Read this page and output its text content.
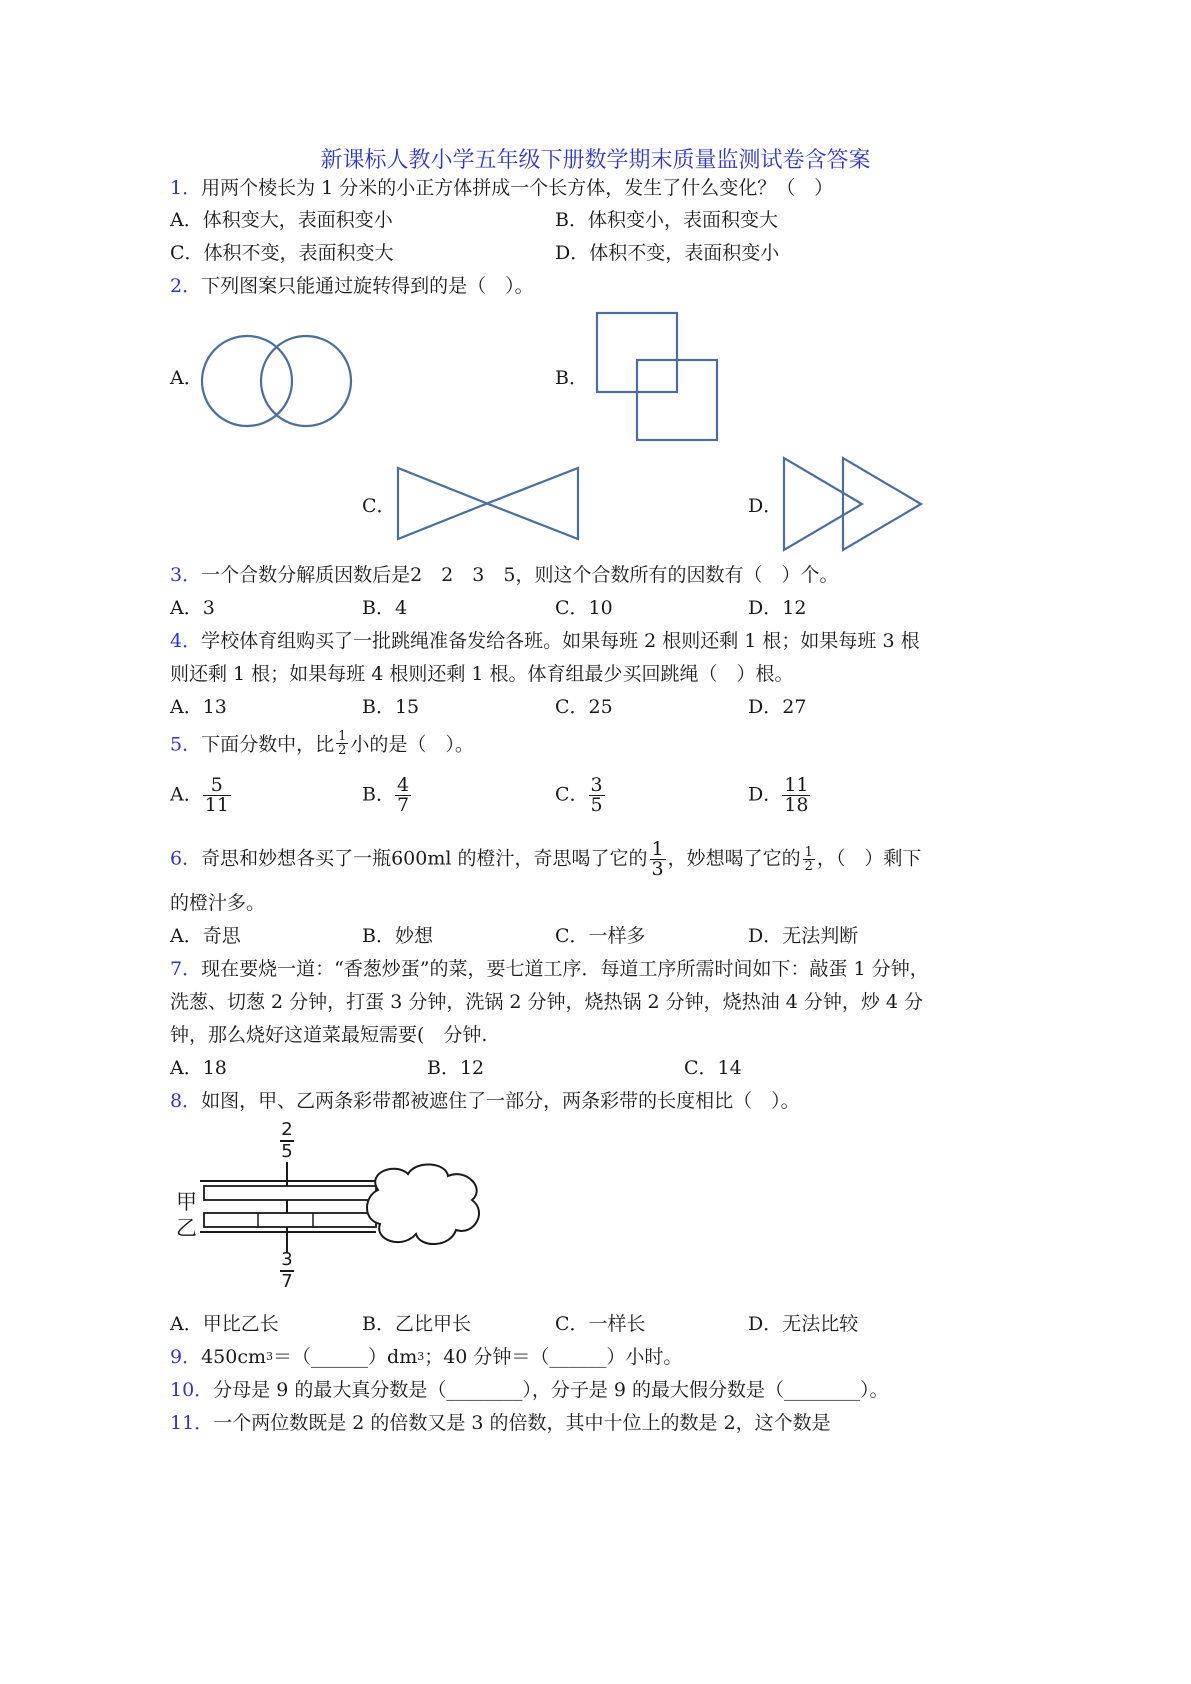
新课标人教小学五年级下册数学期末质量监测试卷含答案
1．用两个棱长为 1 分米的小正方体拼成一个长方体，发生了什么变化？（　）
A．体积变大，表面积变小	B．体积变小，表面积变大
C．体积不变，表面积变大	D．体积不变，表面积变小
2．下列图案只能通过旋转得到的是（　）。
A．	B．
C．	D．
3．一个合数分解质因数后是2　2　3　5，则这个合数所有的因数有（　）个。
A．3	B．4	C．10	D．12
4．学校体育组购买了一批跳绳准备发给各班。如果每班 2 根则还剩 1 根；如果每班 3 根
则还剩 1 根；如果每班 4 根则还剩 1 根。体育组最少买回跳绳（　）根。
A．13	B．15	C．25	D．27
5．下面分数中，比 $\frac{1}{2}$ 小的是（　）。
A． $\frac{5}{11}$	B． $\frac{4}{7}$	C． $\frac{3}{5}$	D． $\frac{11}{18}$
6．奇思和妙想各买了一瓶600ml 的橙汁，奇思喝了它的 $\frac{1}{3}$ ，妙想喝了它的 $\frac{1}{2}$ ，（　）剩下
的橙汁多。
A．奇思	B．妙想	C．一样多	D．无法判断
7．现在要烧一道：“香葱炒蛋”的菜，要七道工序．每道工序所需时间如下：敲蛋 1 分钟，
洗葱、切葱 2 分钟，打蛋 3 分钟，洗锅 2 分钟，烧热锅 2 分钟，烧热油 4 分钟，炒 4 分
钟，那么烧好这道菜最短需要(　分钟.
A．18	B．12	C．14
8．如图，甲、乙两条彩带都被遮住了一部分，两条彩带的长度相比（　）。
2
5
3
7
甲
乙
A．甲比乙长	B．乙比甲长	C．一样长	D．无法比较
9．$450cm^3=(\_\_\_\_\_\_)dm^3$；40 分钟＝（______）小时。
10．分母是 9 的最大真分数是（________），分子是 9 的最大假分数是（________）。
11．一个两位数既是 2 的倍数又是 3 的倍数，其中十位上的数是 2，这个数是
